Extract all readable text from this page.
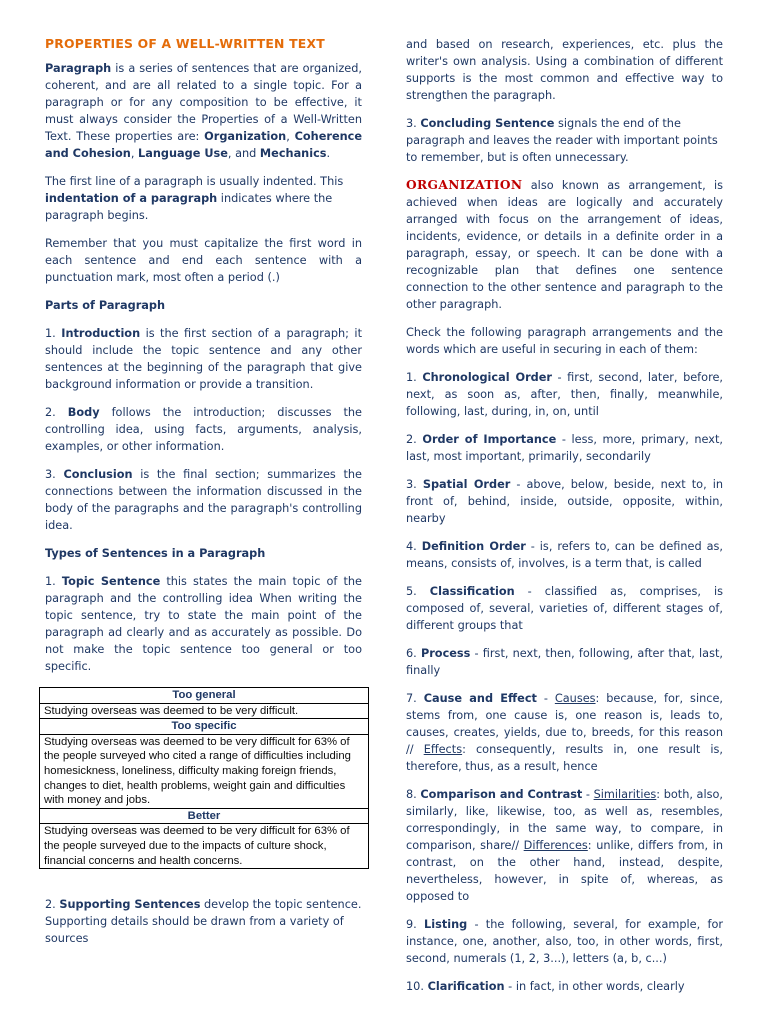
PROPERTIES OF A WELL-WRITTEN TEXT

Paragraph is a series of sentences that are organized, coherent, and are all related to a single topic. For a paragraph or for any composition to be effective, it must always consider the Properties of a Well-Written Text. These properties are: Organization, Coherence and Cohesion, Language Use, and Mechanics.

The first line of a paragraph is usually indented. This indentation of a paragraph indicates where the paragraph begins.

Remember that you must capitalize the first word in each sentence and end each sentence with a punctuation mark, most often a period (.)

Parts of Paragraph

1. Introduction is the first section of a paragraph; it should include the topic sentence and any other sentences at the beginning of the paragraph that give background information or provide a transition.

2. Body follows the introduction; discusses the controlling idea, using facts, arguments, analysis, examples, or other information.

3. Conclusion is the final section; summarizes the connections between the information discussed in the body of the paragraphs and the paragraph's controlling idea.

Types of Sentences in a Paragraph

1. Topic Sentence this states the main topic of the paragraph and the controlling idea When writing the topic sentence, try to state the main point of the paragraph ad clearly and as accurately as possible. Do not make the topic sentence too general or too specific.

Too general
Studying overseas was deemed to be very difficult.
Too specific
Studying overseas was deemed to be very difficult for 63% of the people surveyed who cited a range of difficulties including homesickness, loneliness, difficulty making foreign friends, changes to diet, health problems, weight gain and difficulties with money and jobs.
Better
Studying overseas was deemed to be very difficult for 63% of the people surveyed due to the impacts of culture shock, financial concerns and health concerns.

2. Supporting Sentences develop the topic sentence. Supporting details should be drawn from a variety of sources

and based on research, experiences, etc. plus the writer's own analysis. Using a combination of different supports is the most common and effective way to strengthen the paragraph.

3. Concluding Sentence signals the end of the paragraph and leaves the reader with important points to remember, but is often unnecessary.

ORGANIZATION also known as arrangement, is achieved when ideas are logically and accurately arranged with focus on the arrangement of ideas, incidents, evidence, or details in a definite order in a paragraph, essay, or speech. It can be done with a recognizable plan that defines one sentence connection to the other sentence and paragraph to the other paragraph.

Check the following paragraph arrangements and the words which are useful in securing in each of them:

1. Chronological Order - first, second, later, before, next, as soon as, after, then, finally, meanwhile, following, last, during, in, on, until

2. Order of Importance - less, more, primary, next, last, most important, primarily, secondarily

3. Spatial Order - above, below, beside, next to, in front of, behind, inside, outside, opposite, within, nearby

4. Definition Order - is, refers to, can be defined as, means, consists of, involves, is a term that, is called

5. Classification - classified as, comprises, is composed of, several, varieties of, different stages of, different groups that

6. Process - first, next, then, following, after that, last, finally

7. Cause and Effect - Causes: because, for, since, stems from, one cause is, one reason is, leads to, causes, creates, yields, due to, breeds, for this reason // Effects: consequently, results in, one result is, therefore, thus, as a result, hence

8. Comparison and Contrast - Similarities: both, also, similarly, like, likewise, too, as well as, resembles, correspondingly, in the same way, to compare, in comparison, share// Differences: unlike, differs from, in contrast, on the other hand, instead, despite, nevertheless, however, in spite of, whereas, as opposed to

9. Listing - the following, several, for example, for instance, one, another, also, too, in other words, first, second, numerals (1, 2, 3...), letters (a, b, c...)

10. Clarification - in fact, in other words, clearly
